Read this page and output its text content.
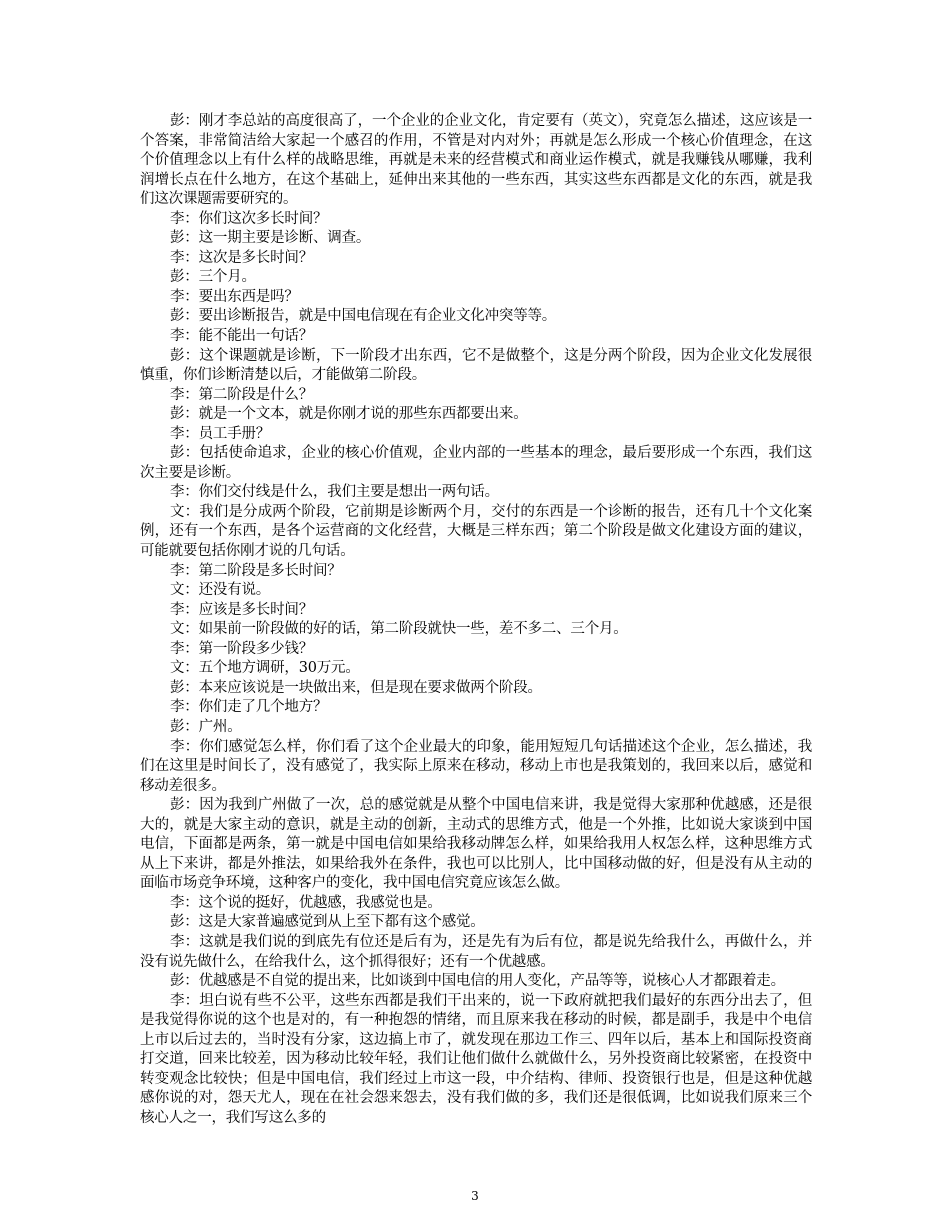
彭：刚才李总站的高度很高了，一个企业的企业文化，肯定要有（英文），究竟怎么描述，这应该是一个答案，非常简洁给大家起一个感召的作用，不管是对内对外；再就是怎么形成一个核心价值理念，在这个价值理念以上有什么样的战略思维，再就是未来的经营模式和商业运作模式，就是我赚钱从哪赚，我利润增长点在什么地方，在这个基础上，延伸出来其他的一些东西，其实这些东西都是文化的东西，就是我们这次课题需要研究的。

李：你们这次多长时间？

彭：这一期主要是诊断、调查。

李：这次是多长时间？

彭：三个月。

李：要出东西是吗？

彭：要出诊断报告，就是中国电信现在有企业文化冲突等等。

李：能不能出一句话？

彭：这个课题就是诊断，下一阶段才出东西，它不是做整个，这是分两个阶段，因为企业文化发展很慎重，你们诊断清楚以后，才能做第二阶段。

李：第二阶段是什么？

彭：就是一个文本，就是你刚才说的那些东西都要出来。

李：员工手册？

彭：包括使命追求，企业的核心价值观，企业内部的一些基本的理念，最后要形成一个东西，我们这次主要是诊断。

李：你们交付线是什么，我们主要是想出一两句话。

文：我们是分成两个阶段，它前期是诊断两个月，交付的东西是一个诊断的报告，还有几十个文化案例，还有一个东西，是各个运营商的文化经营，大概是三样东西；第二个阶段是做文化建设方面的建议，可能就要包括你刚才说的几句话。

李：第二阶段是多长时间？

文：还没有说。

李：应该是多长时间？

文：如果前一阶段做的好的话，第二阶段就快一些，差不多二、三个月。

李：第一阶段多少钱？

文：五个地方调研，30万元。

彭：本来应该说是一块做出来，但是现在要求做两个阶段。

李：你们走了几个地方？

彭：广州。

李：你们感觉怎么样，你们看了这个企业最大的印象，能用短短几句话描述这个企业，怎么描述，我们在这里是时间长了，没有感觉了，我实际上原来在移动，移动上市也是我策划的，我回来以后，感觉和移动差很多。

彭：因为我到广州做了一次，总的感觉就是从整个中国电信来讲，我是觉得大家那种优越感，还是很大的，就是大家主动的意识，就是主动的创新，主动式的思维方式，他是一个外推，比如说大家谈到中国电信，下面都是两条，第一就是中国电信如果给我移动牌怎么样，如果给我用人权怎么样，这种思维方式从上下来讲，都是外推法，如果给我外在条件，我也可以比别人，比中国移动做的好，但是没有从主动的面临市场竞争环境，这种客户的变化，我中国电信究竟应该怎么做。

李：这个说的挺好，优越感，我感觉也是。

彭：这是大家普遍感觉到从上至下都有这个感觉。

李：这就是我们说的到底先有位还是后有为，还是先有为后有位，都是说先给我什么，再做什么，并没有说先做什么，在给我什么，这个抓得很好；还有一个优越感。

彭：优越感是不自觉的提出来，比如谈到中国电信的用人变化，产品等等，说核心人才都跟着走。

李：坦白说有些不公平，这些东西都是我们干出来的，说一下政府就把我们最好的东西分出去了，但是我觉得你说的这个也是对的，有一种抱怨的情绪，而且原来我在移动的时候，都是副手，我是中个电信上市以后过去的，当时没有分家，这边搞上市了，就发现在那边工作三、四年以后，基本上和国际投资商打交道，回来比较差，因为移动比较年轻，我们让他们做什么就做什么，另外投资商比较紧密，在投资中转变观念比较快；但是中国电信，我们经过上市这一段，中介结构、律师、投资银行也是，但是这种优越感你说的对，怨天尤人，现在在社会怨来怨去，没有我们做的多，我们还是很低调，比如说我们原来三个核心人之一，我们写这么多的

3
